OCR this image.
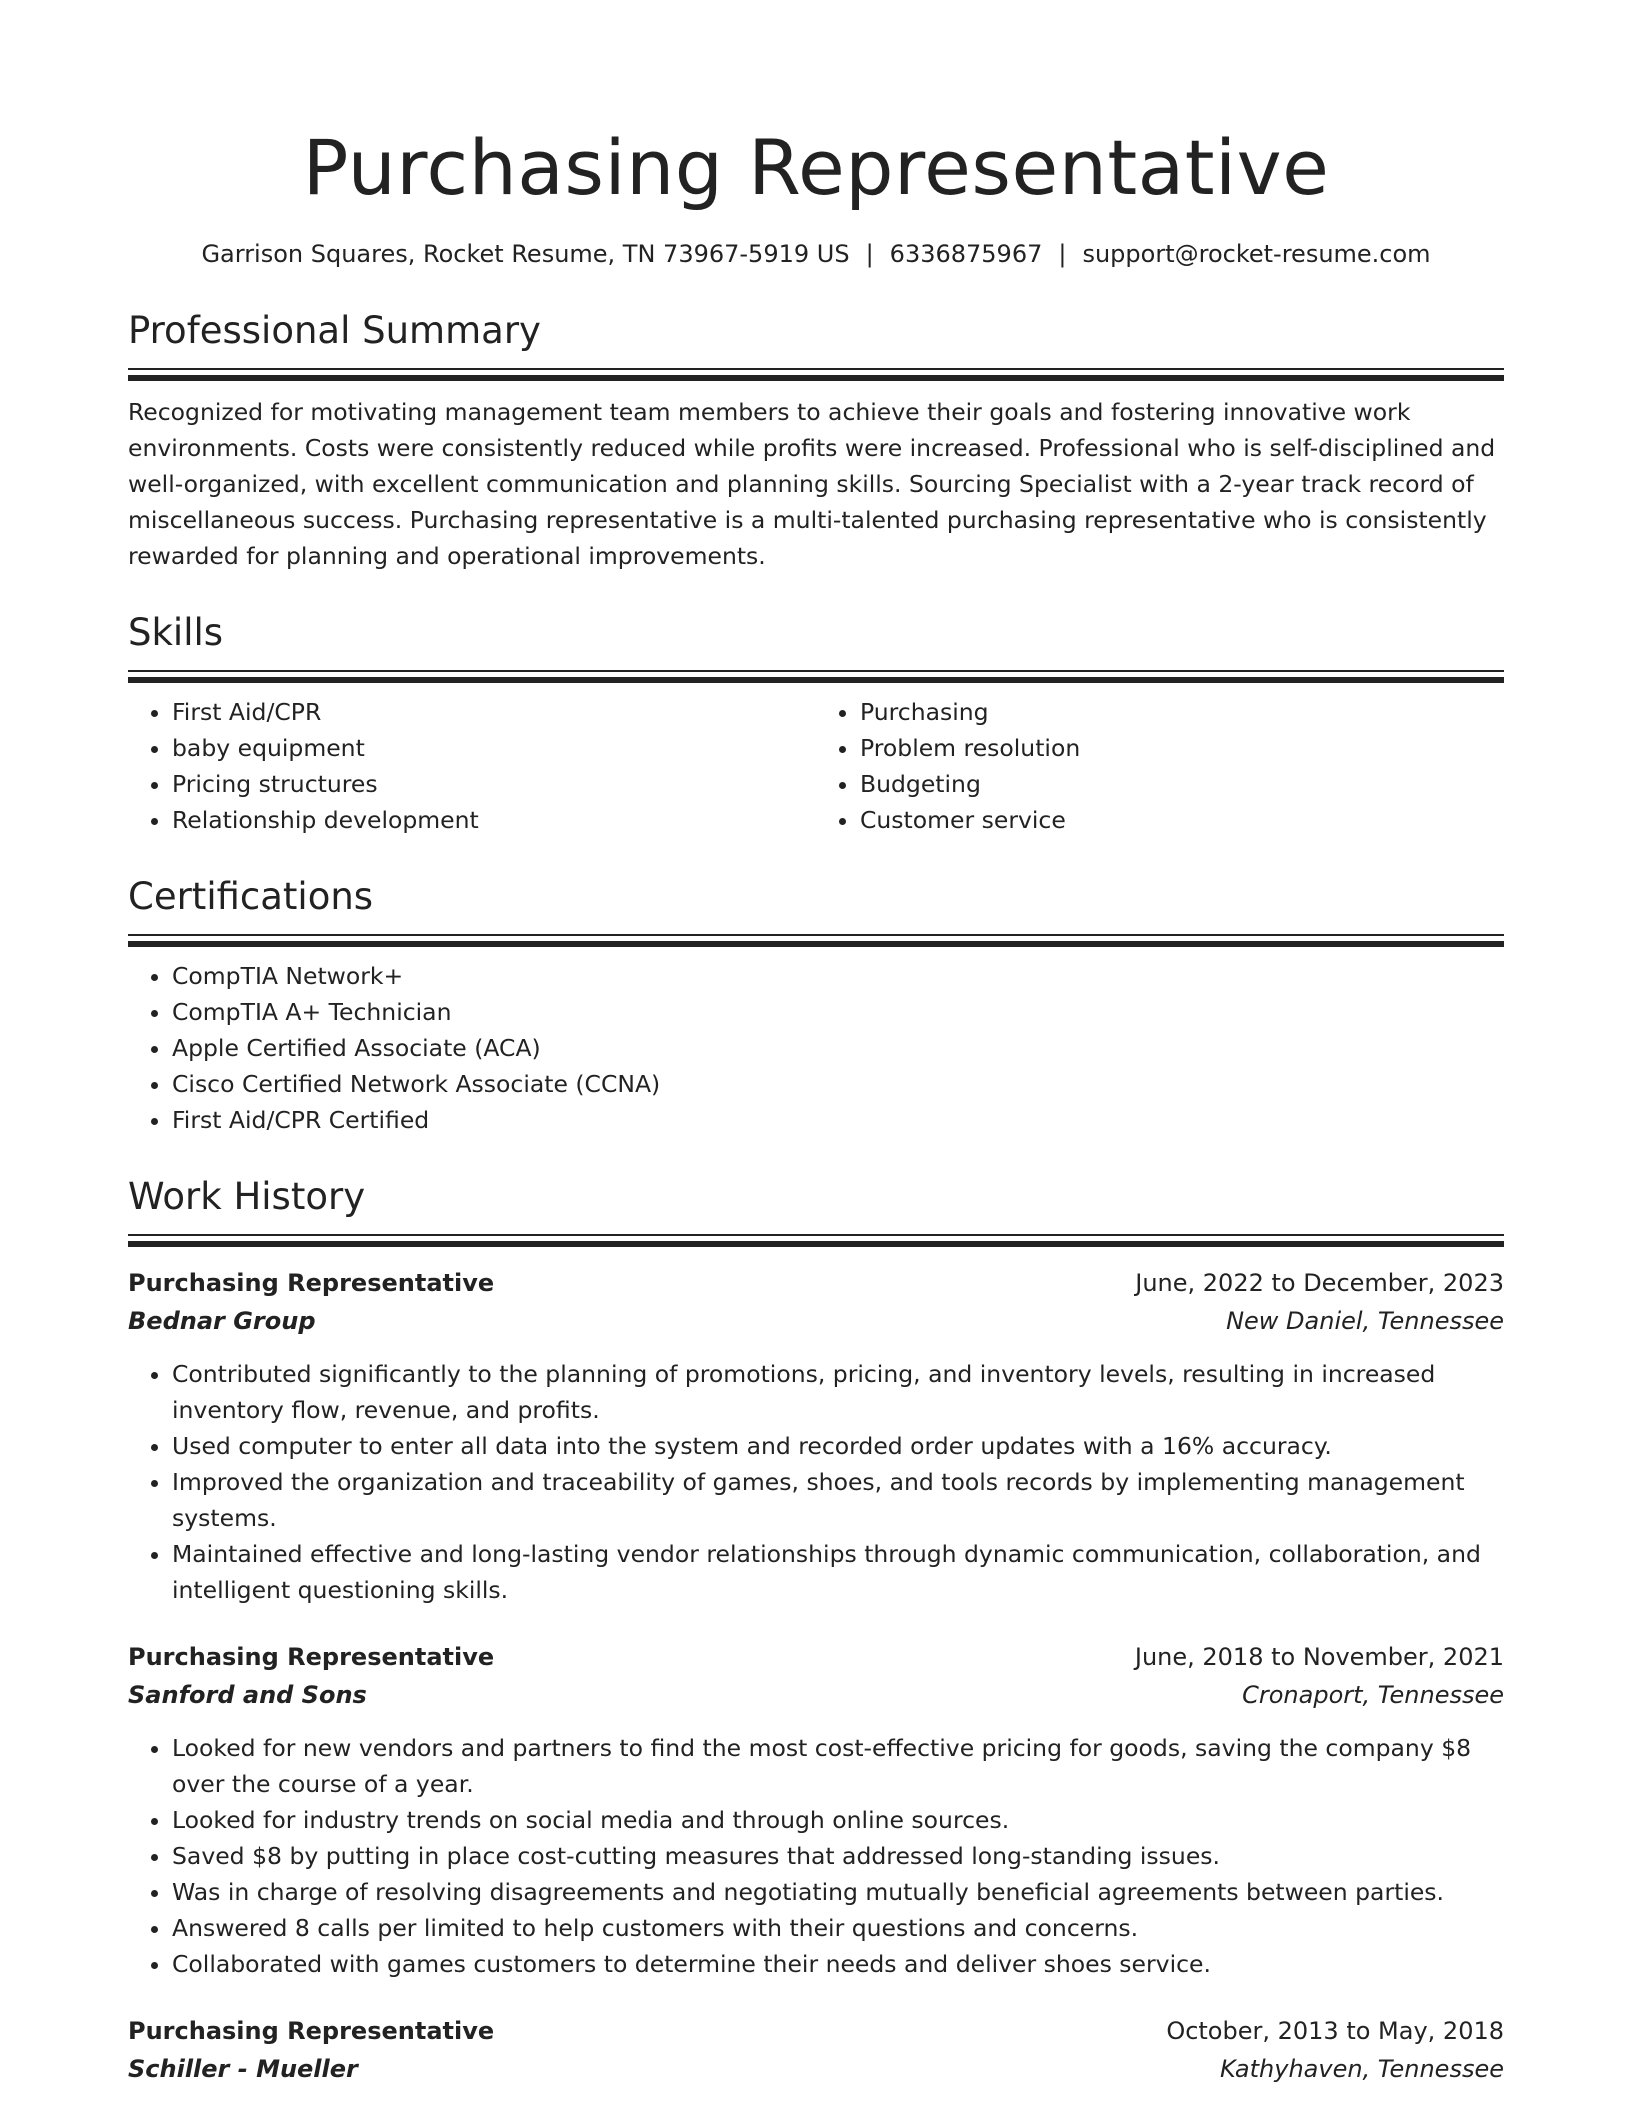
Purchasing Representative
Garrison Squares, Rocket Resume, TN 73967-5919 US | 6336875967 | support@rocket-resume.com
Professional Summary
Recognized for motivating management team members to achieve their goals and fostering innovative work environments. Costs were consistently reduced while profits were increased. Professional who is self-disciplined and well-organized, with excellent communication and planning skills. Sourcing Specialist with a 2-year track record of miscellaneous success. Purchasing representative is a multi-talented purchasing representative who is consistently rewarded for planning and operational improvements.
Skills
• First Aid/CPR
• baby equipment
• Pricing structures
• Relationship development
• Purchasing
• Problem resolution
• Budgeting
• Customer service
Certifications
• CompTIA Network+
• CompTIA A+ Technician
• Apple Certified Associate (ACA)
• Cisco Certified Network Associate (CCNA)
• First Aid/CPR Certified
Work History
Purchasing Representative	June, 2022 to December, 2023
Bednar Group	New Daniel, Tennessee
• Contributed significantly to the planning of promotions, pricing, and inventory levels, resulting in increased inventory flow, revenue, and profits.
• Used computer to enter all data into the system and recorded order updates with a 16% accuracy.
• Improved the organization and traceability of games, shoes, and tools records by implementing management systems.
• Maintained effective and long-lasting vendor relationships through dynamic communication, collaboration, and intelligent questioning skills.
Purchasing Representative	June, 2018 to November, 2021
Sanford and Sons	Cronaport, Tennessee
• Looked for new vendors and partners to find the most cost-effective pricing for goods, saving the company $8 over the course of a year.
• Looked for industry trends on social media and through online sources.
• Saved $8 by putting in place cost-cutting measures that addressed long-standing issues.
• Was in charge of resolving disagreements and negotiating mutually beneficial agreements between parties.
• Answered 8 calls per limited to help customers with their questions and concerns.
• Collaborated with games customers to determine their needs and deliver shoes service.
Purchasing Representative	October, 2013 to May, 2018
Schiller - Mueller	Kathyhaven, Tennessee
